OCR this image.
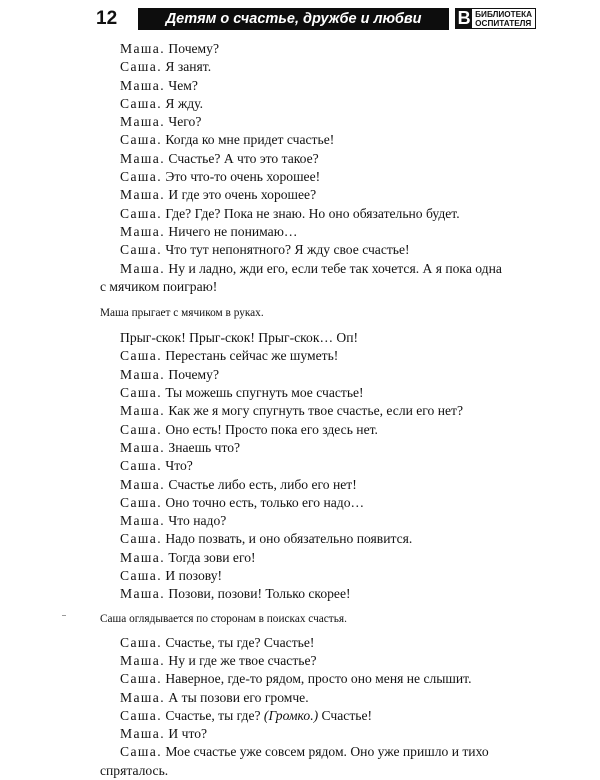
12	Детям о счастье, дружбе и любви	В БИБЛИОТЕКА
ОСПИТАТЕЛЯ
Маша. Почему?
Саша. Я занят.
Маша. Чем?
Саша. Я жду.
Маша. Чего?
Саша. Когда ко мне придет счастье!
Маша. Счастье? А что это такое?
Саша. Это что-то очень хорошее!
Маша. И где это очень хорошее?
Саша. Где? Где? Пока не знаю. Но оно обязательно будет.
Маша. Ничего не понимаю…
Саша. Что тут непонятного? Я жду свое счастье!
Маша. Ну и ладно, жди его, если тебе так хочется. А я пока одна
с мячиком поиграю!
Маша прыгает с мячиком в руках.
Прыг-скок! Прыг-скок! Прыг-скок… Оп!
Саша. Перестань сейчас же шуметь!
Маша. Почему?
Саша. Ты можешь спугнуть мое счастье!
Маша. Как же я могу спугнуть твое счастье, если его нет?
Саша. Оно есть! Просто пока его здесь нет.
Маша. Знаешь что?
Саша. Что?
Маша. Счастье либо есть, либо его нет!
Саша. Оно точно есть, только его надо…
Маша. Что надо?
Саша. Надо позвать, и оно обязательно появится.
Маша. Тогда зови его!
Саша. И позову!
Маша. Позови, позови! Только скорее!
Саша оглядывается по сторонам в поисках счастья.
Саша. Счастье, ты где? Счастье!
Маша. Ну и где же твое счастье?
Саша. Наверное, где-то рядом, просто оно меня не слышит.
Маша. А ты позови его громче.
Саша. Счастье, ты где? (Громко.) Счастье!
Маша. И что?
Саша. Мое счастье уже совсем рядом. Оно уже пришло и тихо
спряталось.
